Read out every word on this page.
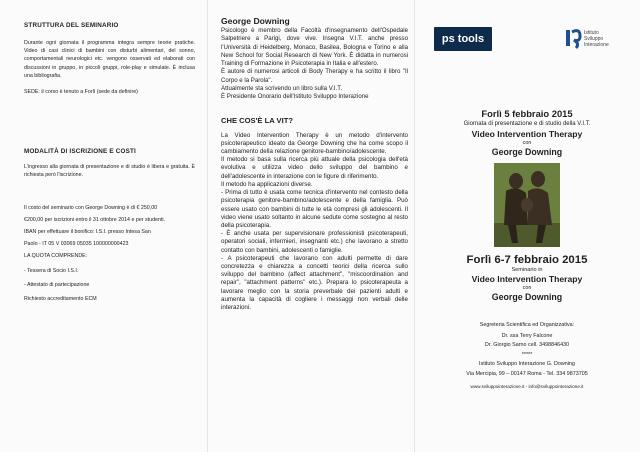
STRUTTURA DEL SEMINARIO

Durante ogni giornata il programma integra sempre teorie pratiche. Video di casi clinici di bambini con disturbi alimentari, del sonno, comportamentali neurologici etc. vengono osservati ed elaborati con discussioni in gruppo, in piccoli gruppi, role-play e simulate. È inclusa una bibliografia.

SEDE: il corso è tenuto a Forlì (sede da definire)

MODALITÀ DI ISCRIZIONE E COSTI

L'ingresso alla giornata di presentazione e di studio è libera e gratuita. È richiesta però l'iscrizione.

Il costo del seminario con George Downing è di € 250,00

€200,00 per iscrizioni entro il 31 ottobre 2014 e per studenti.

IBAN per effettuare il bonifico: I.S.I. presso Intesa San

Paolo - IT 05 V 03069 05035 100000000423

LA QUOTA COMPRENDE:

- Tessera di Socio I.S.I.

- Attestato di partecipazione

Richiesto accreditamento ECM

George Downing

Psicologo è membro della Facoltà d'insegnamento dell'Ospedale Salpetriere a Parigi, dove vive. Insegna V.I.T. anche presso l'Università di Heidelberg, Monaco, Basilea, Bologna e Torino e alla New School for Social Research di New York. È didatta in numerosi Training di Formazione in Psicoterapia in Italia e all'estero.

È autore di numerosi articoli di Body Therapy e ha scritto il libro "Il Corpo e la Parola".

Attualmente sta scrivendo un libro sulla V.I.T.

È Presidente Onorario dell'Istituto Sviluppo Interazione

CHE COS'È LA VIT?

La Video Intervention Therapy è un metodo d'intervento psicoterapeutico ideato da George Downing che ha come scopo il cambiamento della relazione genitore-bambino/adolescente.

Il metodo si basa sulla ricerca più attuale della psicologia dell'età evolutiva e utilizza video dello sviluppo del bambino e dell'adolescente in interazione con le figure di riferimento.

Il metodo ha applicazioni diverse.

- Prima di tutto è usata come tecnica d'intervento nel contesto della psicoterapia genitore-bambino/adolescente e della famiglia. Può essere usato con bambini di tutte le età compresi gli adolescenti. Il video viene usato soltanto in alcune sedute come sostegno al resto della psicoterapia.

- È anche usata per supervisionare professionisti psicoterapeuti, operatori sociali, infermieri, insegnanti etc.) che lavorano a stretto contatto con bambini, adolescenti o famiglie.

- A psicoterapeuti che lavorano con adulti permette di dare concretezza e chiarezza a concetti teorici della ricerca sullo sviluppo del bambino (affect attachment", "miscoordination and repair", "attachment patterns" etc.). Prepara lo psicoterapeuta a lavorare meglio con la storia preverbale dei pazienti adulti e aumenta la capacità di cogliere i messaggi non verbali delle interazioni.

ps tools	Istituto
Sviluppo
Interazione
Forlì 5 febbraio 2015
Giornata di presentazione e di studio della V.I.T.
Video Intervention Therapy
con
George Downing
Forlì 6-7 febbraio 2015
Seminario in
Video Intervention Therapy
con
George Downing
Segreteria Scientifica ed Organizzativa:
Dr. ssa Terry Falcone
Dr. Giorgio Sarno cell. 3498846430
*****
Istituto Sviluppo Interazione G. Downing
Via Mercipia, 99 – 00147 Roma - Tel. 334 9873705
www.sviluppointerazione.it - info@sviluppointerazione.it
